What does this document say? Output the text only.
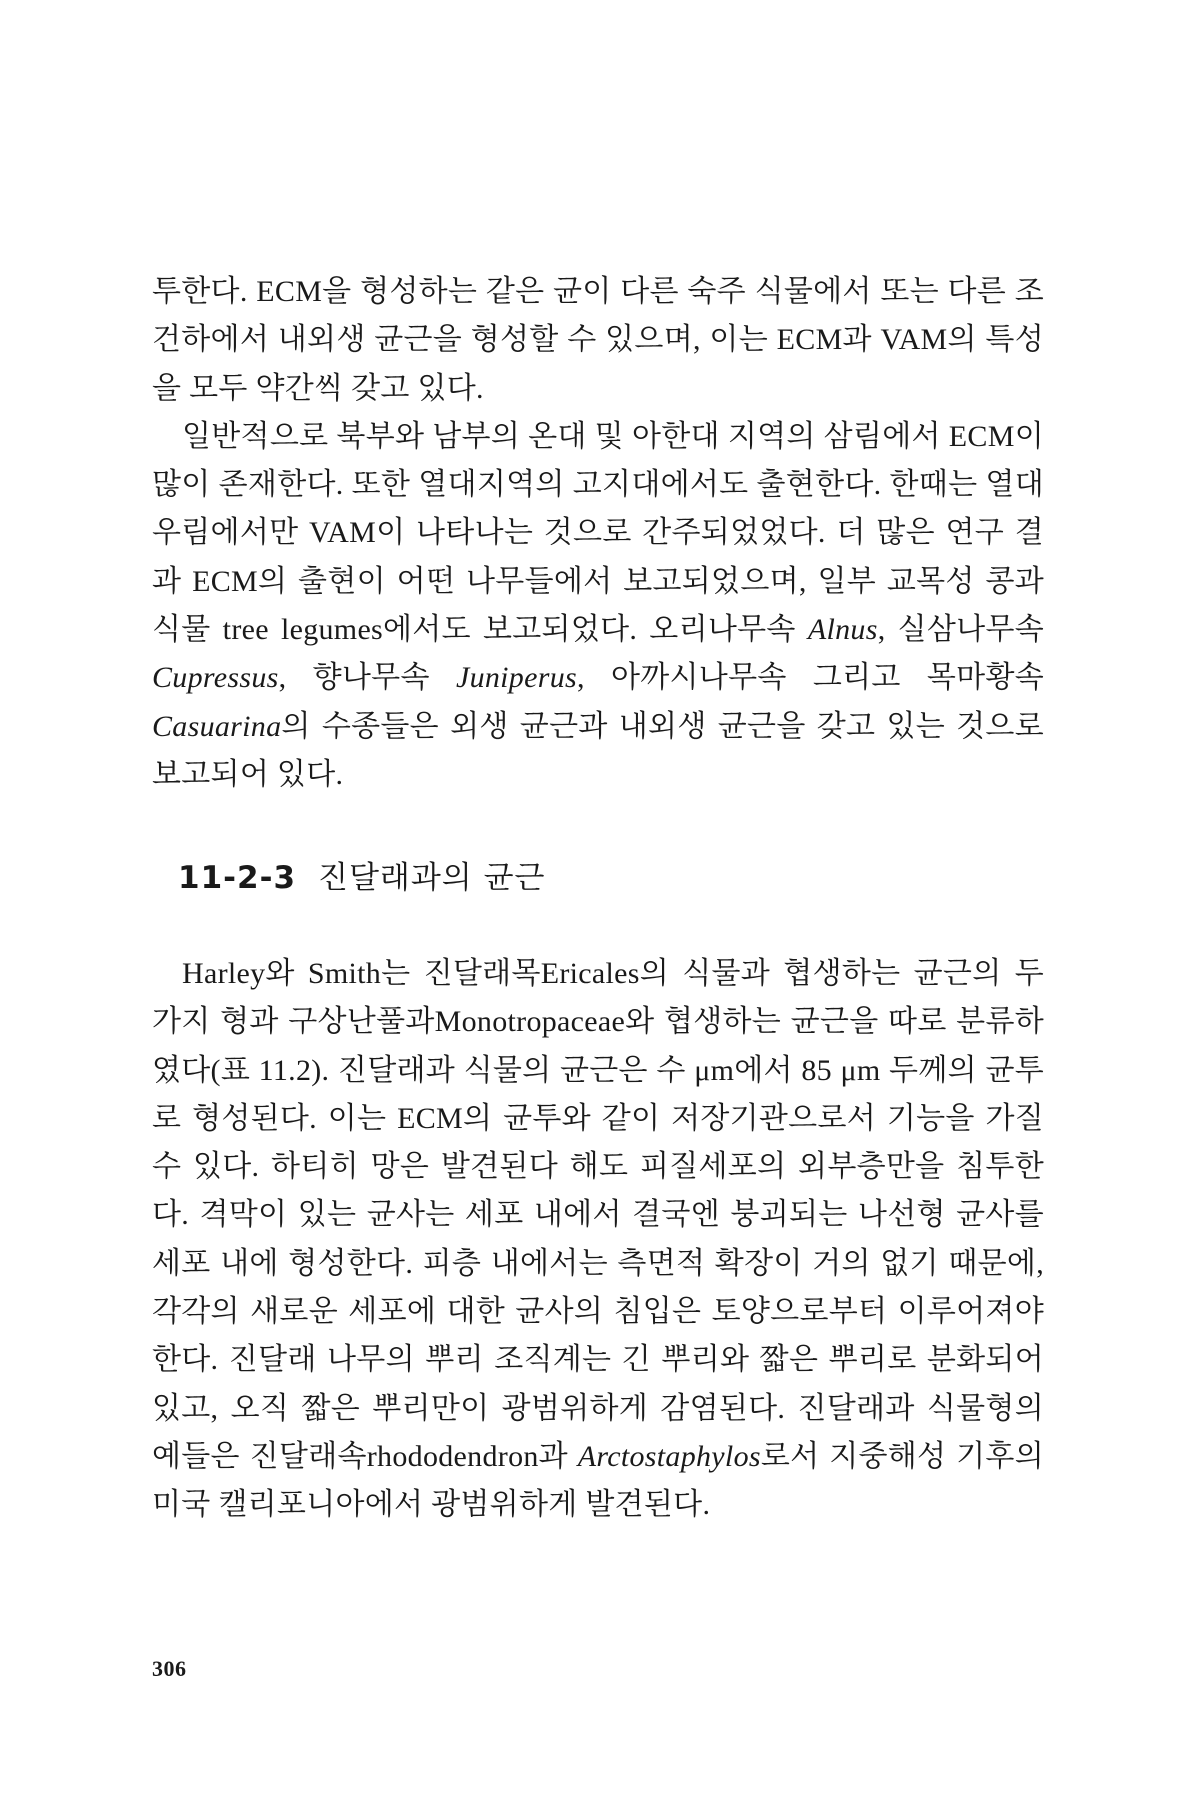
투한다. ECM을 형성하는 같은 균이 다른 숙주 식물에서 또는 다른 조건하에서 내외생 균근을 형성할 수 있으며, 이는 ECM과 VAM의 특성을 모두 약간씩 갖고 있다.

일반적으로 북부와 남부의 온대 및 아한대 지역의 삼림에서 ECM이 많이 존재한다. 또한 열대지역의 고지대에서도 출현한다. 한때는 열대 우림에서만 VAM이 나타나는 것으로 간주되었었다. 더 많은 연구 결과 ECM의 출현이 어떤 나무들에서 보고되었으며, 일부 교목성 콩과 식물 tree legumes에서도 보고되었다. 오리나무속 Alnus, 실삼나무속 Cupressus, 향나무속 Juniperus, 아까시나무속 그리고 목마황속 Casuarina의 수종들은 외생 균근과 내외생 균근을 갖고 있는 것으로 보고되어 있다.

11-2-3 진달래과의 균근

Harley와 Smith는 진달래목Ericales의 식물과 협생하는 균근의 두 가지 형과 구상난풀과Monotropaceae와 협생하는 균근을 따로 분류하였다(표 11.2). 진달래과 식물의 균근은 수 μm에서 85 μm 두께의 균투로 형성된다. 이는 ECM의 균투와 같이 저장기관으로서 기능을 가질 수 있다. 하티히 망은 발견된다 해도 피질세포의 외부층만을 침투한다. 격막이 있는 균사는 세포 내에서 결국엔 붕괴되는 나선형 균사를 세포 내에 형성한다. 피층 내에서는 측면적 확장이 거의 없기 때문에, 각각의 새로운 세포에 대한 균사의 침입은 토양으로부터 이루어져야 한다. 진달래 나무의 뿌리 조직계는 긴 뿌리와 짧은 뿌리로 분화되어 있고, 오직 짧은 뿌리만이 광범위하게 감염된다. 진달래과 식물형의 예들은 진달래속rhododendron과 Arctostaphylos로서 지중해성 기후의 미국 캘리포니아에서 광범위하게 발견된다.

306
